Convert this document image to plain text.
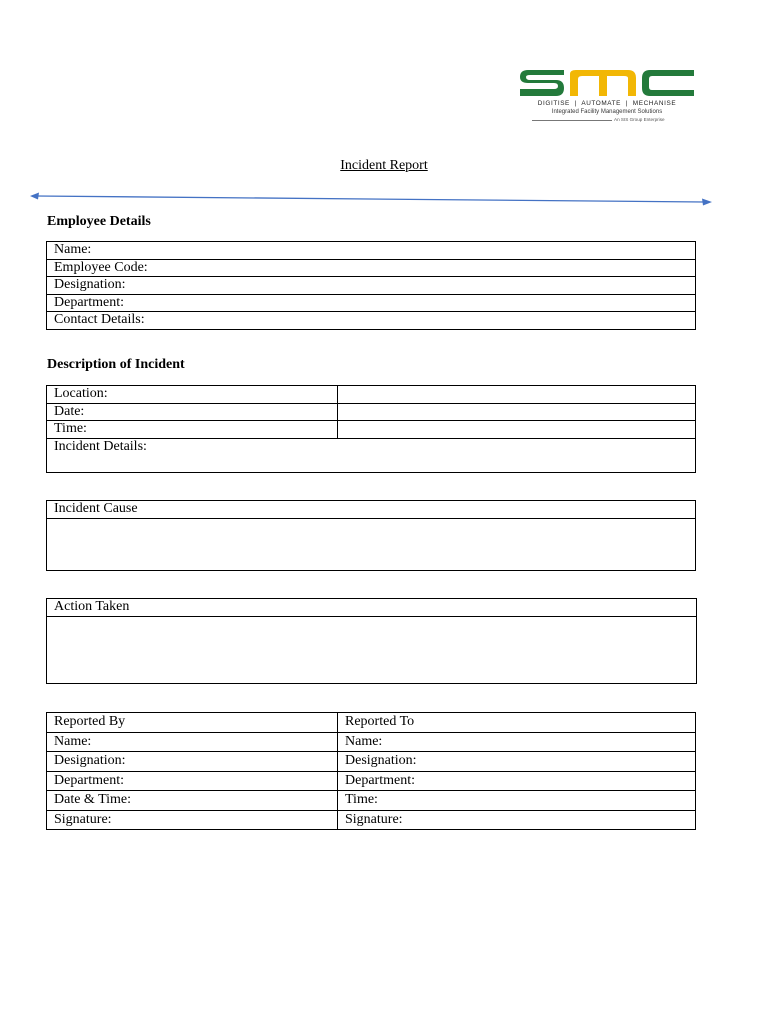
DIGITISE  |  AUTOMATE  |  MECHANISE
Integrated Facility Management Solutions
An SIS Group Enterprise
Incident Report
Employee Details
Name:
Employee Code:
Designation:
Department:
Contact Details:
Description of Incident
Location:	
Date:	
Time:	
Incident Details:	
Incident Cause

Action Taken

Reported By	Reported To
Name:	Name:
Designation:	Designation:
Department:	Department:
Date & Time:	Time:
Signature:	Signature:
